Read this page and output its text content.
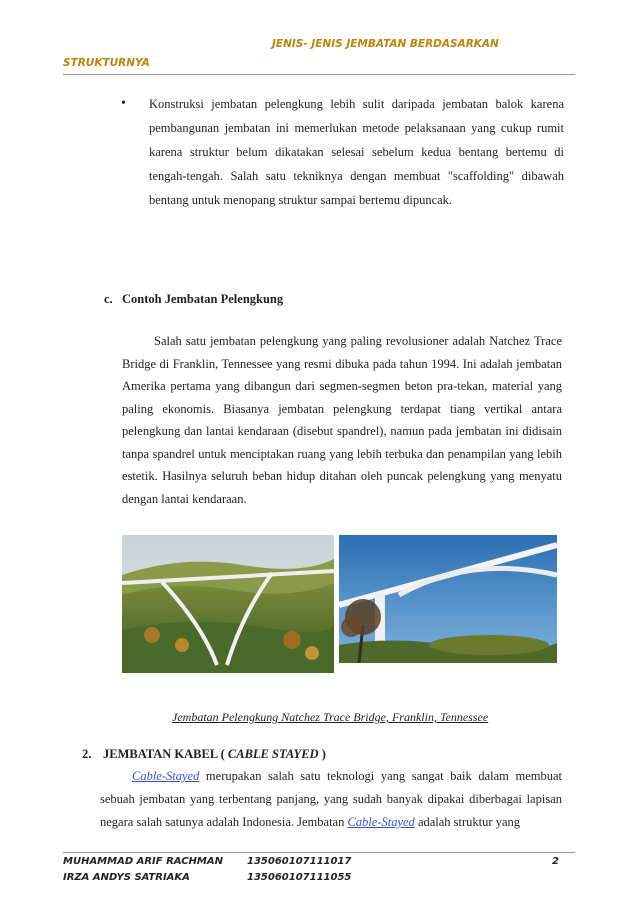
JENIS- JENIS JEMBATAN BERDASARKAN
STRUKTURNYA
• Konstruksi jembatan pelengkung lebih sulit daripada jembatan balok karena pembangunan jembatan ini memerlukan metode pelaksanaan yang cukup rumit karena struktur belum dikatakan selesai sebelum kedua bentang bertemu di tengah-tengah. Salah satu tekniknya dengan membuat "scaffolding" dibawah bentang untuk menopang struktur sampai bertemu dipuncak.
c. Contoh Jembatan Pelengkung
Salah satu jembatan pelengkung yang paling revolusioner adalah Natchez Trace Bridge di Franklin, Tennessee yang resmi dibuka pada tahun 1994. Ini adalah jembatan Amerika pertama yang dibangun dari segmen-segmen beton pra-tekan, material yang paling ekonomis. Biasanya jembatan pelengkung terdapat tiang vertikal antara pelengkung dan lantai kendaraan (disebut spandrel), namun pada jembatan ini didisain tanpa spandrel untuk menciptakan ruang yang lebih terbuka dan penampilan yang lebih estetik. Hasilnya seluruh beban hidup ditahan oleh puncak pelengkung yang menyatu dengan lantai kendaraan.
Jembatan Pelengkung Natchez Trace Bridge, Franklin, Tennessee
2. JEMBATAN KABEL ( CABLE STAYED )
Cable-Stayed merupakan salah satu teknologi yang sangat baik dalam membuat sebuah jembatan yang terbentang panjang, yang sudah banyak dipakai diberbagai lapisan negara salah satunya adalah Indonesia. Jembatan Cable-Stayed adalah struktur yang
MUHAMMAD ARIF RACHMAN 135060107111017	2
IRZA ANDYS SATRIAKA	135060107111055
